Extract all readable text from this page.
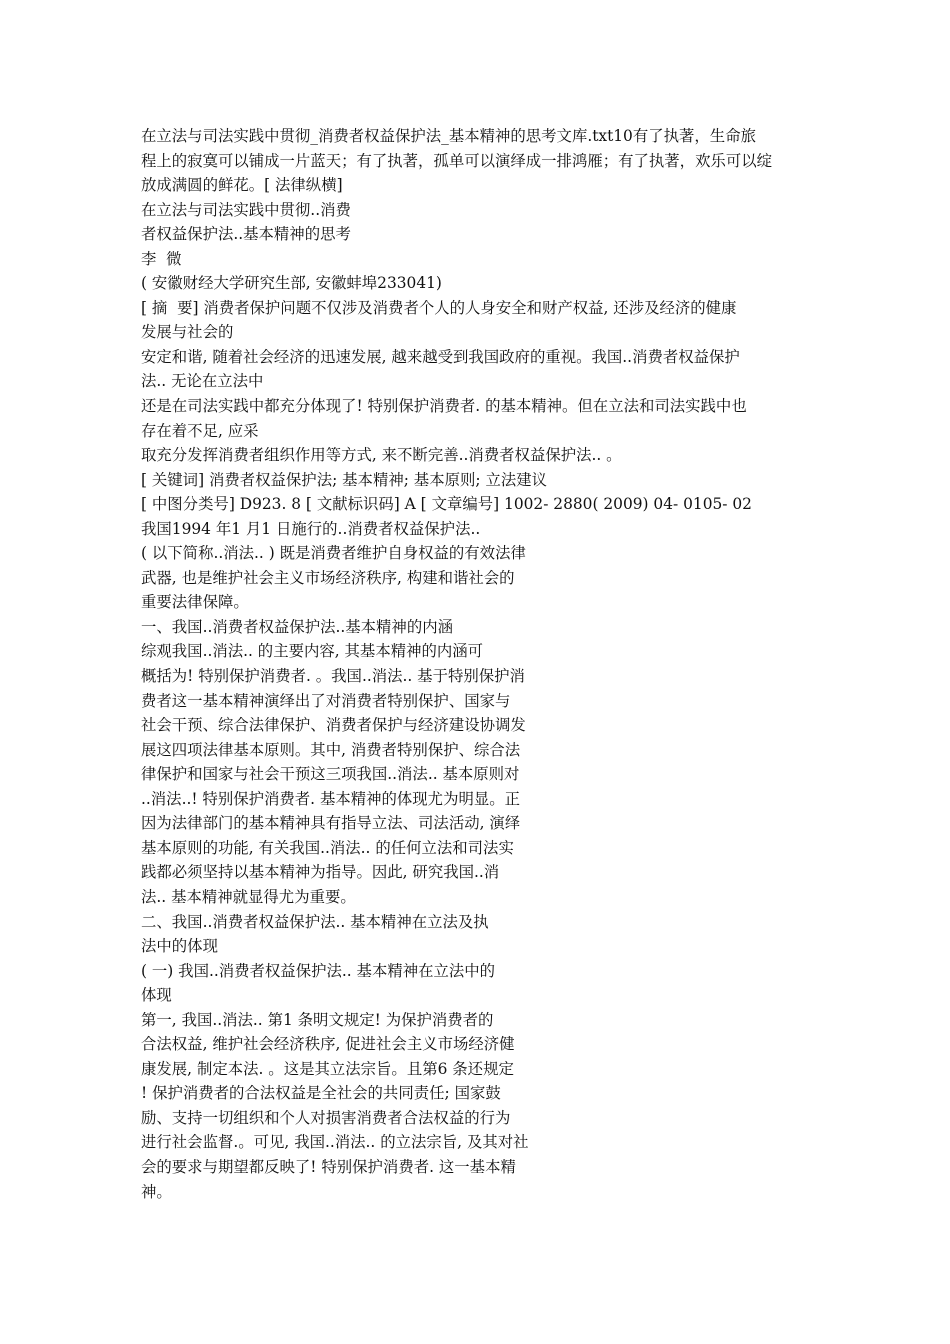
在立法与司法实践中贯彻_消费者权益保护法_基本精神的思考文库.txt10有了执著，生命旅
程上的寂寞可以铺成一片蓝天；有了执著，孤单可以演绎成一排鸿雁；有了执著，欢乐可以绽
放成满圆的鲜花。[ 法律纵横]
在立法与司法实践中贯彻..消费
者权益保护法..基本精神的思考
李  微
( 安徽财经大学研究生部, 安徽蚌埠233041)
[ 摘  要] 消费者保护问题不仅涉及消费者个人的人身安全和财产权益, 还涉及经济的健康
发展与社会的
安定和谐, 随着社会经济的迅速发展, 越来越受到我国政府的重视。我国..消费者权益保护
法.. 无论在立法中
还是在司法实践中都充分体现了! 特别保护消费者. 的基本精神。但在立法和司法实践中也
存在着不足, 应采
取充分发挥消费者组织作用等方式, 来不断完善..消费者权益保护法.. 。
[ 关键词] 消费者权益保护法; 基本精神; 基本原则; 立法建议
[ 中图分类号] D923. 8 [ 文献标识码] A [ 文章编号] 1002- 2880( 2009) 04- 0105- 02
我国1994 年1 月1 日施行的..消费者权益保护法..
( 以下简称..消法.. ) 既是消费者维护自身权益的有效法律
武器, 也是维护社会主义市场经济秩序, 构建和谐社会的
重要法律保障。
一、我国..消费者权益保护法..基本精神的内涵
综观我国..消法.. 的主要内容, 其基本精神的内涵可
概括为! 特别保护消费者. 。我国..消法.. 基于特别保护消
费者这一基本精神演绎出了对消费者特别保护、国家与
社会干预、综合法律保护、消费者保护与经济建设协调发
展这四项法律基本原则。其中, 消费者特别保护、综合法
律保护和国家与社会干预这三项我国..消法.. 基本原则对
..消法..! 特别保护消费者. 基本精神的体现尤为明显。正
因为法律部门的基本精神具有指导立法、司法活动, 演绎
基本原则的功能, 有关我国..消法.. 的任何立法和司法实
践都必须坚持以基本精神为指导。因此, 研究我国..消
法.. 基本精神就显得尤为重要。
二、我国..消费者权益保护法.. 基本精神在立法及执
法中的体现
( 一) 我国..消费者权益保护法.. 基本精神在立法中的
体现
第一, 我国..消法.. 第1 条明文规定! 为保护消费者的
合法权益, 维护社会经济秩序, 促进社会主义市场经济健
康发展, 制定本法. 。这是其立法宗旨。且第6 条还规定
! 保护消费者的合法权益是全社会的共同责任; 国家鼓
励、支持一切组织和个人对损害消费者合法权益的行为
进行社会监督.。可见, 我国..消法.. 的立法宗旨, 及其对社
会的要求与期望都反映了! 特别保护消费者. 这一基本精
神。
